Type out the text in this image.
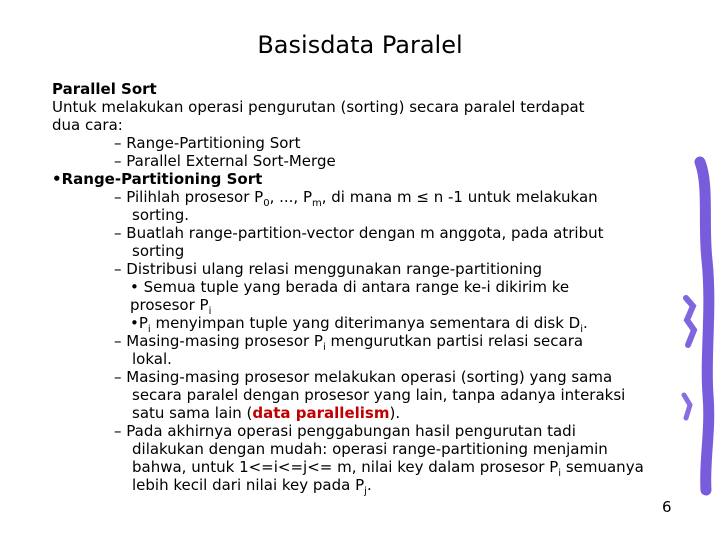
Basisdata Paralel
Parallel Sort
Untuk melakukan operasi pengurutan (sorting) secara paralel terdapat
dua cara:
– Range-Partitioning Sort
– Parallel External Sort-Merge
•Range-Partitioning Sort
– Pilihlah prosesor $P_0$, ..., $P_m$, di mana m ≤ n -1 untuk melakukan
sorting.
– Buatlah range-partition-vector dengan m anggota, pada atribut
sorting
– Distribusi ulang relasi menggunakan range-partitioning
• Semua tuple yang berada di antara range ke-i dikirim ke
prosesor $P_i$
$•P_i$ menyimpan tuple yang diterimanya sementara di disk $D_i$.
– Masing-masing prosesor $P_i$ mengurutkan partisi relasi secara
lokal.
– Masing-masing prosesor melakukan operasi (sorting) yang sama
secara paralel dengan prosesor yang lain, tanpa adanya interaksi
satu sama lain (data parallelism).
– Pada akhirnya operasi penggabungan hasil pengurutan tadi
dilakukan dengan mudah: operasi range-partitioning menjamin
bahwa, untuk 1<=i<=j<= m, nilai key dalam prosesor $P_i$ semuanya
lebih kecil dari nilai key pada $P_j$.
6
